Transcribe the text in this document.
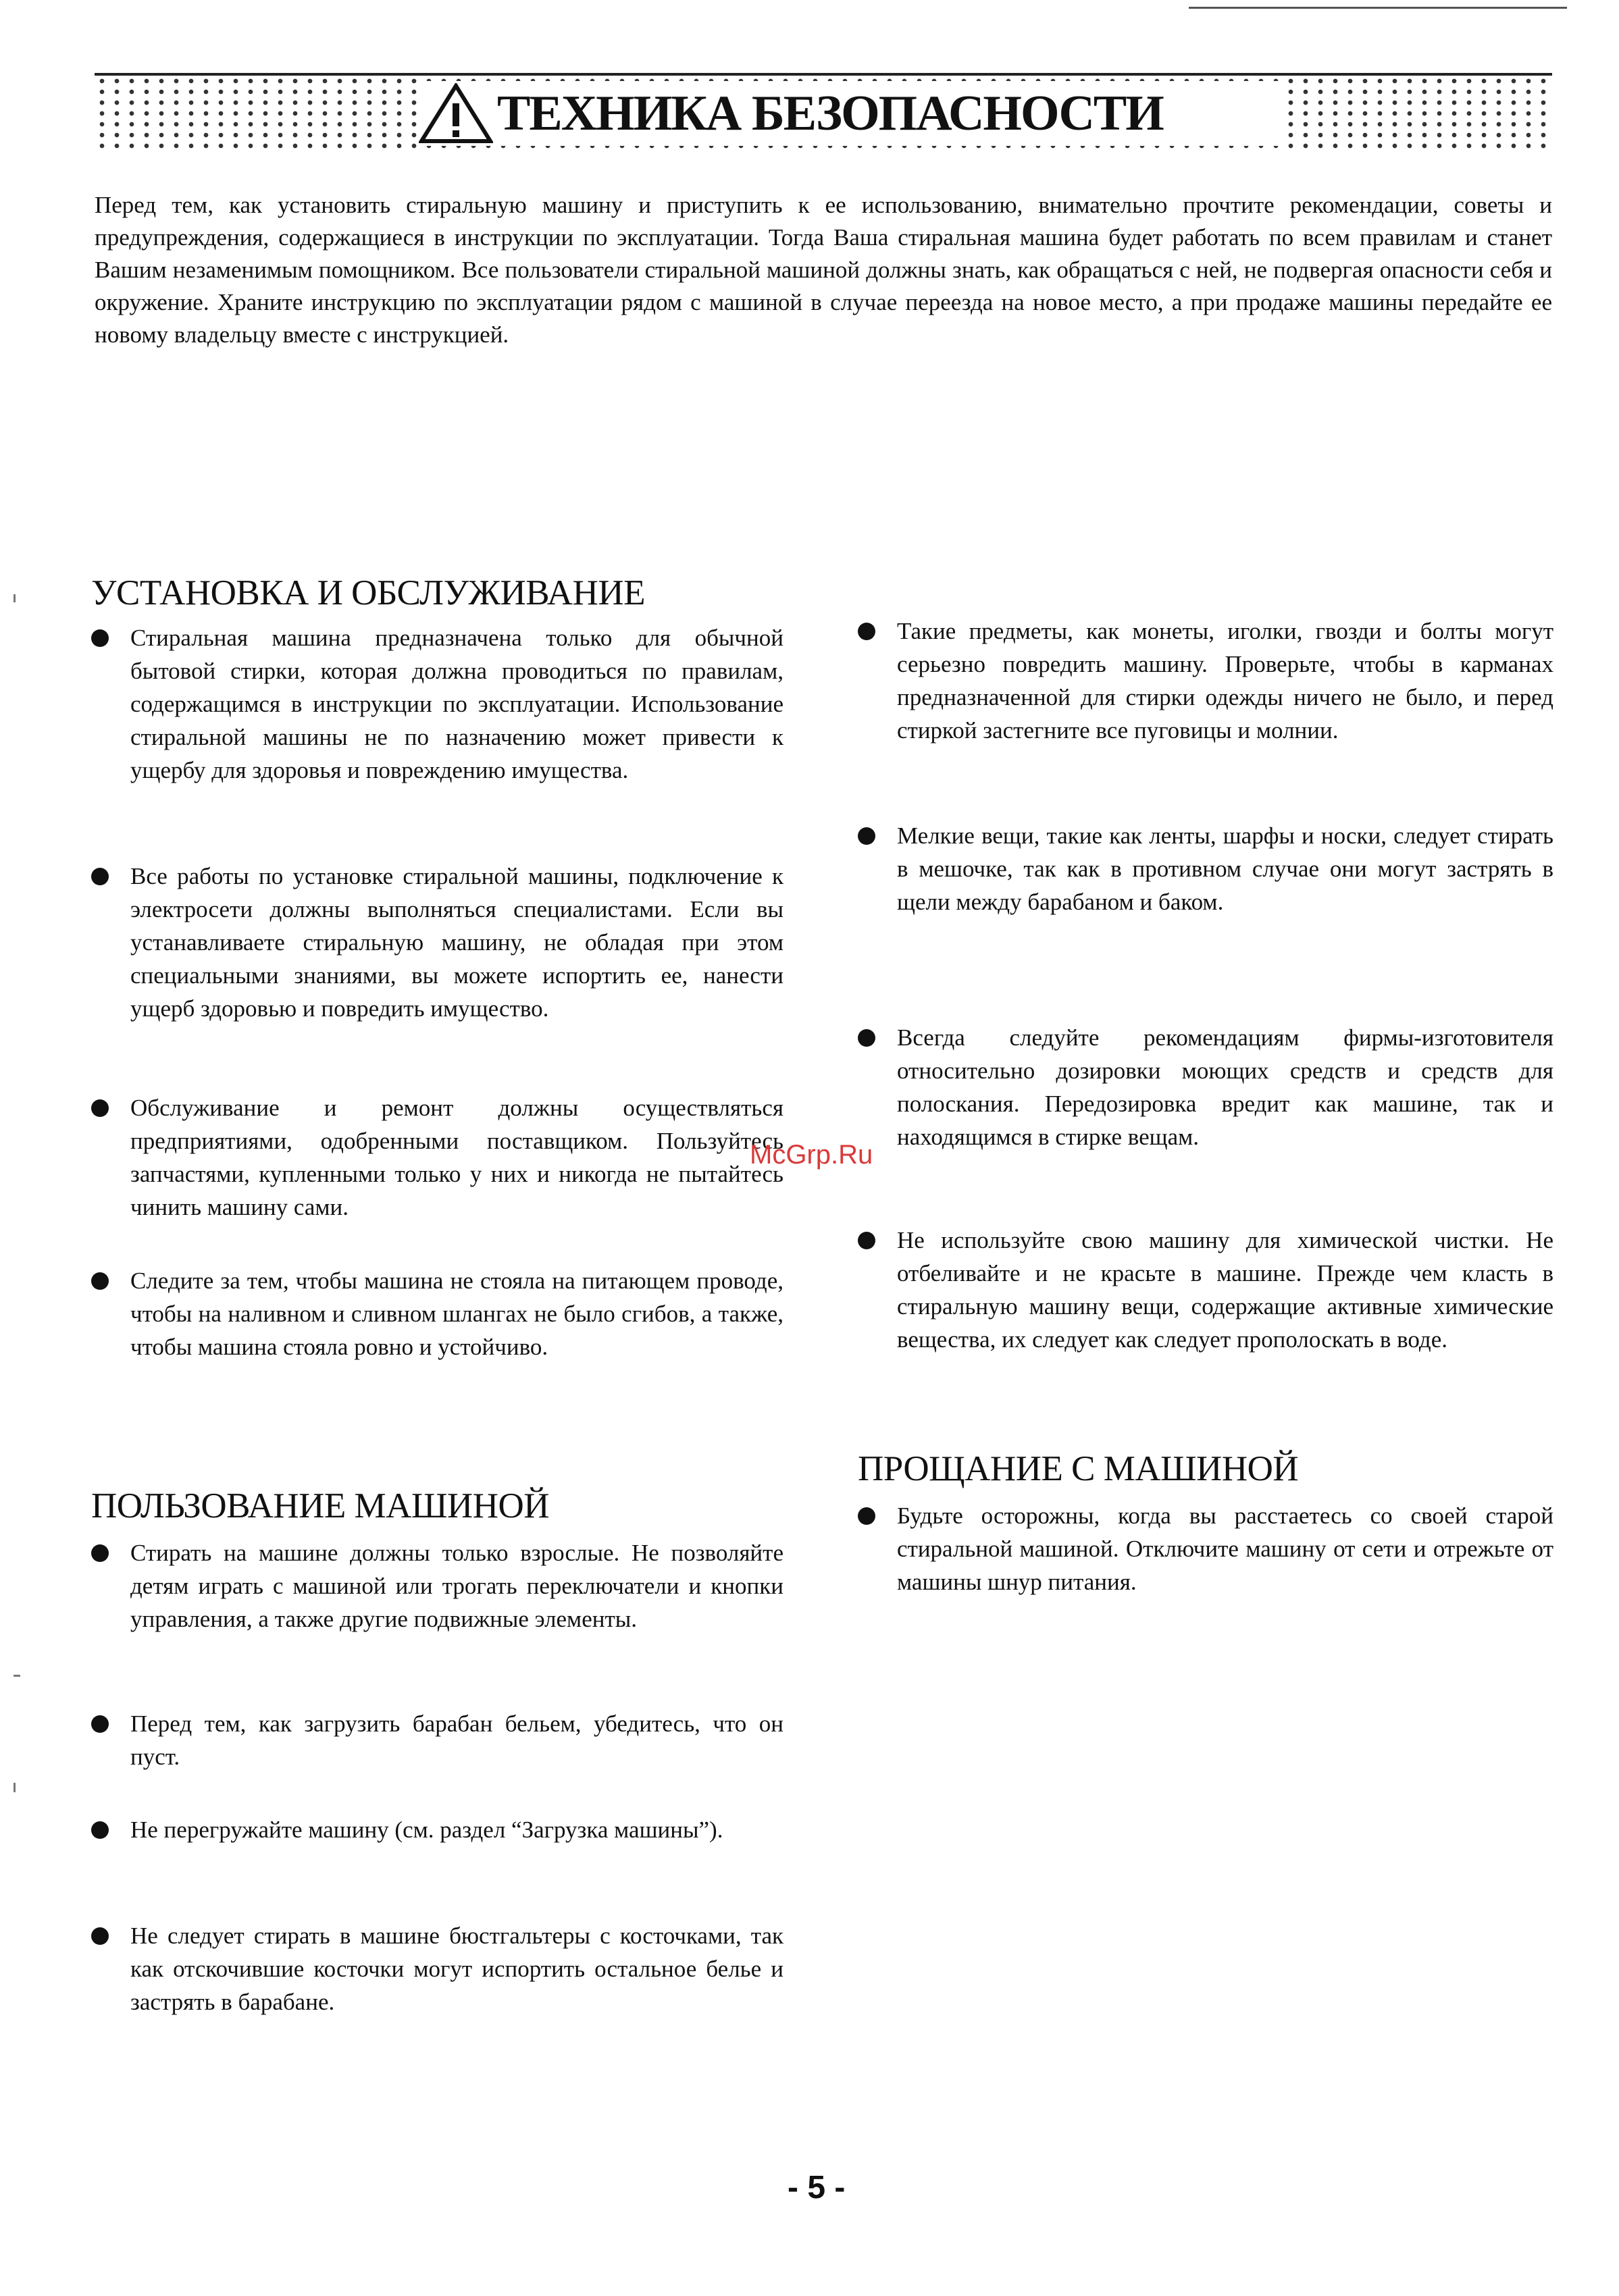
ТЕХНИКА БЕЗОПАСНОСТИ

Перед тем, как установить стиральную машину и приступить к ее использованию, внимательно прочтите рекомендации, советы и предупреждения, содержащиеся в инструкции по эксплуатации. Тогда Ваша стиральная машина будет работать по всем правилам и станет Вашим незаменимым помощником. Все пользователи стиральной машиной должны знать, как обращаться с ней, не подвергая опасности себя и окружение. Храните инструкцию по эксплуатации рядом с машиной в случае переезда на новое место, а при продаже машины передайте ее новому владельцу вместе с инструкцией.

УСТАНОВКА И ОБСЛУЖИВАНИЕ

Стиральная машина предназначена только для обычной бытовой стирки, которая должна проводиться по правилам, содержащимся в инструкции по эксплуатации. Использование стиральной машины не по назначению может привести к ущербу для здоровья и повреждению имущества.

Все работы по установке стиральной машины, подключение к электросети должны выполняться специалистами. Если вы устанавливаете стиральную машину, не обладая при этом специальными знаниями, вы можете испортить ее, нанести ущерб здоровью и повредить имущество.

Обслуживание и ремонт должны осуществляться предприятиями, одобренными поставщиком. Пользуйтесь запчастями, купленными только у них и никогда не пытайтесь чинить машину сами.

Следите за тем, чтобы машина не стояла на питающем проводе, чтобы на наливном и сливном шлангах не было сгибов, а также, чтобы машина стояла ровно и устойчиво.

ПОЛЬЗОВАНИЕ МАШИНОЙ

Стирать на машине должны только взрослые. Не позволяйте детям играть с машиной или трогать переключатели и кнопки управления, а также другие подвижные элементы.

Перед тем, как загрузить барабан бельем, убедитесь, что он пуст.

Не перегружайте машину (см. раздел “Загрузка машины”).

Не следует стирать в машине бюстгальтеры с косточками, так как отскочившие косточки могут испортить остальное белье и застрять в барабане.

Такие предметы, как монеты, иголки, гвозди и болты могут серьезно повредить машину. Проверьте, чтобы в карманах предназначенной для стирки одежды ничего не было, и перед стиркой застегните все пуговицы и молнии.

Мелкие вещи, такие как ленты, шарфы и носки, следует стирать в мешочке, так как в противном случае они могут застрять в щели между барабаном и баком.

Всегда следуйте рекомендациям фирмы-изготовителя относительно дозировки моющих средств и средств для полоскания. Передозировка вредит как машине, так и находящимся в стирке вещам.

Не используйте свою машину для химической чистки. Не отбеливайте и не красьте в машине. Прежде чем класть в стиральную машину вещи, содержащие активные химические вещества, их следует как следует прополоскать в воде.

ПРОЩАНИЕ С МАШИНОЙ

Будьте осторожны, когда вы расстаетесь со своей старой стиральной машиной. Отключите машину от сети и отрежьте от машины шнур питания.

McGrp.Ru
- 5 -
